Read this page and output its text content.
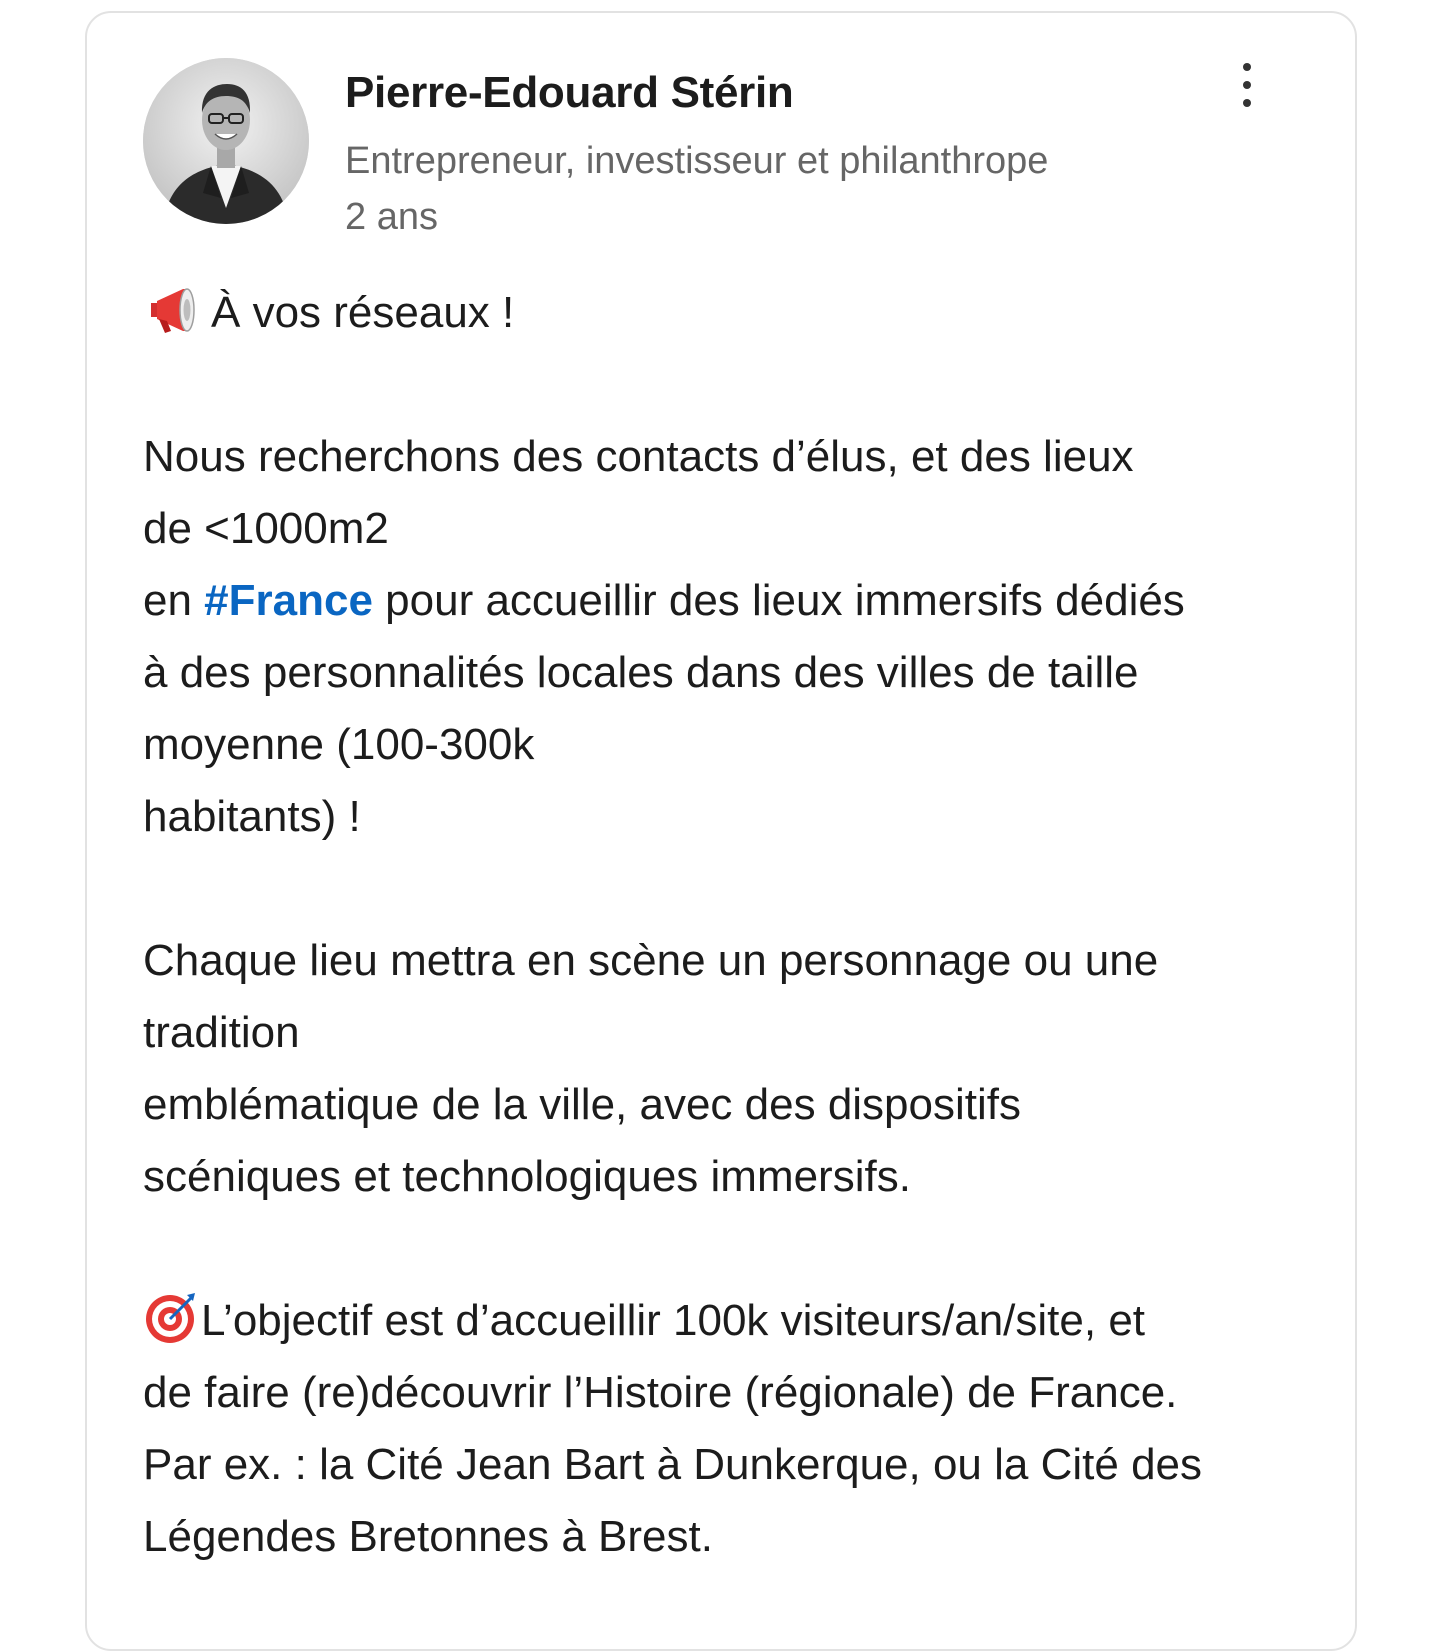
Pierre-Edouard Stérin
Entrepreneur, investisseur et philanthrope
2 ans
À vos réseaux !
Nous recherchons des contacts d’élus, et des lieux
de <1000m2
en #France pour accueillir des lieux immersifs dédiés
à des personnalités locales dans des villes de taille
moyenne (100-300k
habitants) !
Chaque lieu mettra en scène un personnage ou une
tradition
emblématique de la ville, avec des dispositifs
scéniques et technologiques immersifs.
L’objectif est d’accueillir 100k visiteurs/an/site, et
de faire (re)découvrir l’Histoire (régionale) de France.
Par ex. : la Cité Jean Bart à Dunkerque, ou la Cité des
Légendes Bretonnes à Brest.
